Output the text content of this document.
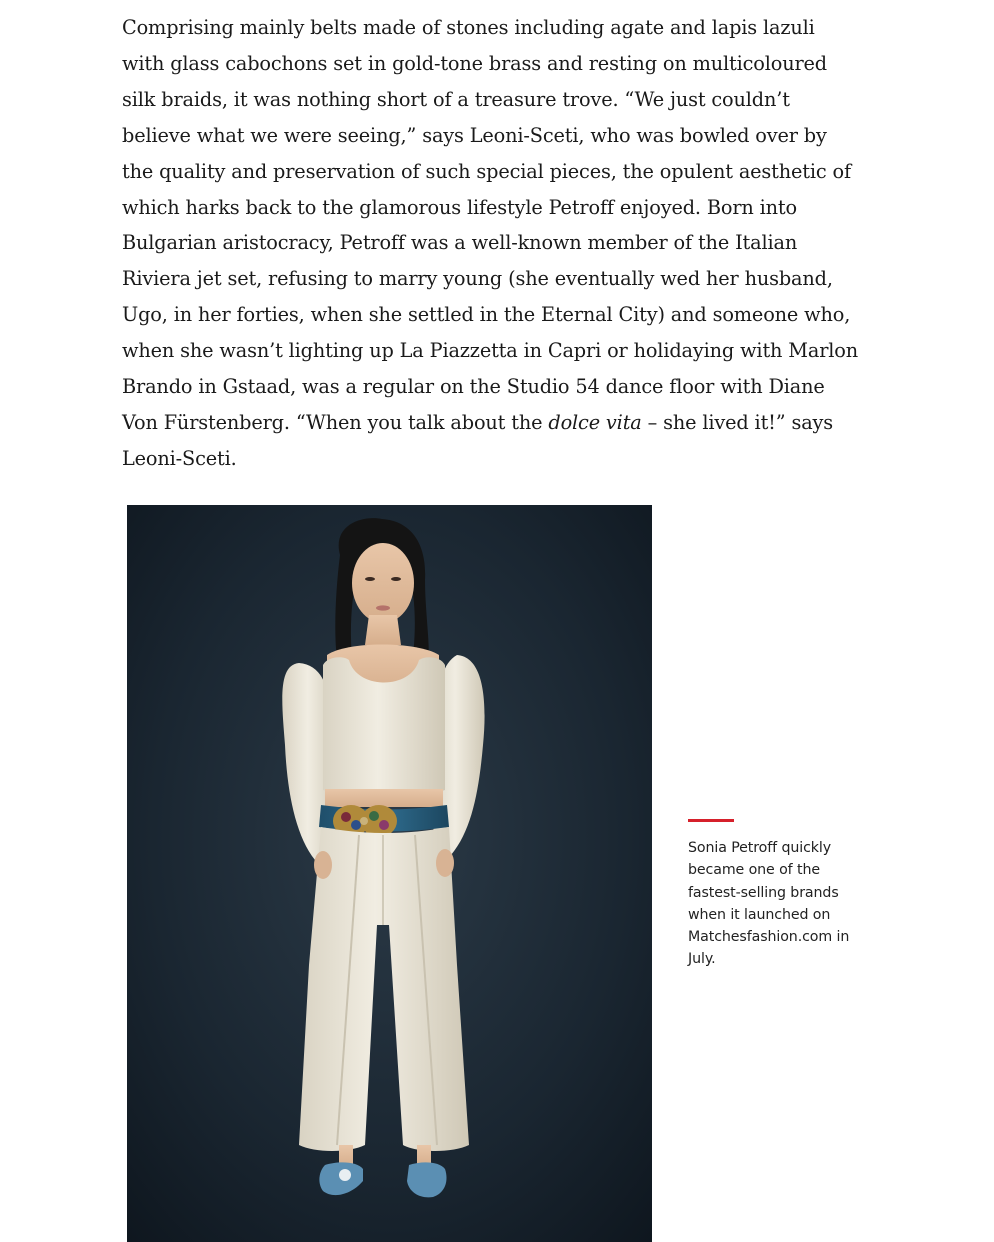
Comprising mainly belts made of stones including agate and lapis lazuli with glass cabochons set in gold-tone brass and resting on multicoloured silk braids, it was nothing short of a treasure trove. “We just couldn’t believe what we were seeing,” says Leoni-Sceti, who was bowled over by the quality and preservation of such special pieces, the opulent aesthetic of which harks back to the glamorous lifestyle Petroff enjoyed. Born into Bulgarian aristocracy, Petroff was a well-known member of the Italian Riviera jet set, refusing to marry young (she eventually wed her husband, Ugo, in her forties, when she settled in the Eternal City) and someone who, when she wasn’t lighting up La Piazzetta in Capri or holidaying with Marlon Brando in Gstaad, was a regular on the Studio 54 dance floor with Diane Von Fürstenberg. “When you talk about the dolce vita – she lived it!” says Leoni-Sceti.

Sonia Petroff quickly became one of the fastest-selling brands when it launched on Matchesfashion.com in July.
